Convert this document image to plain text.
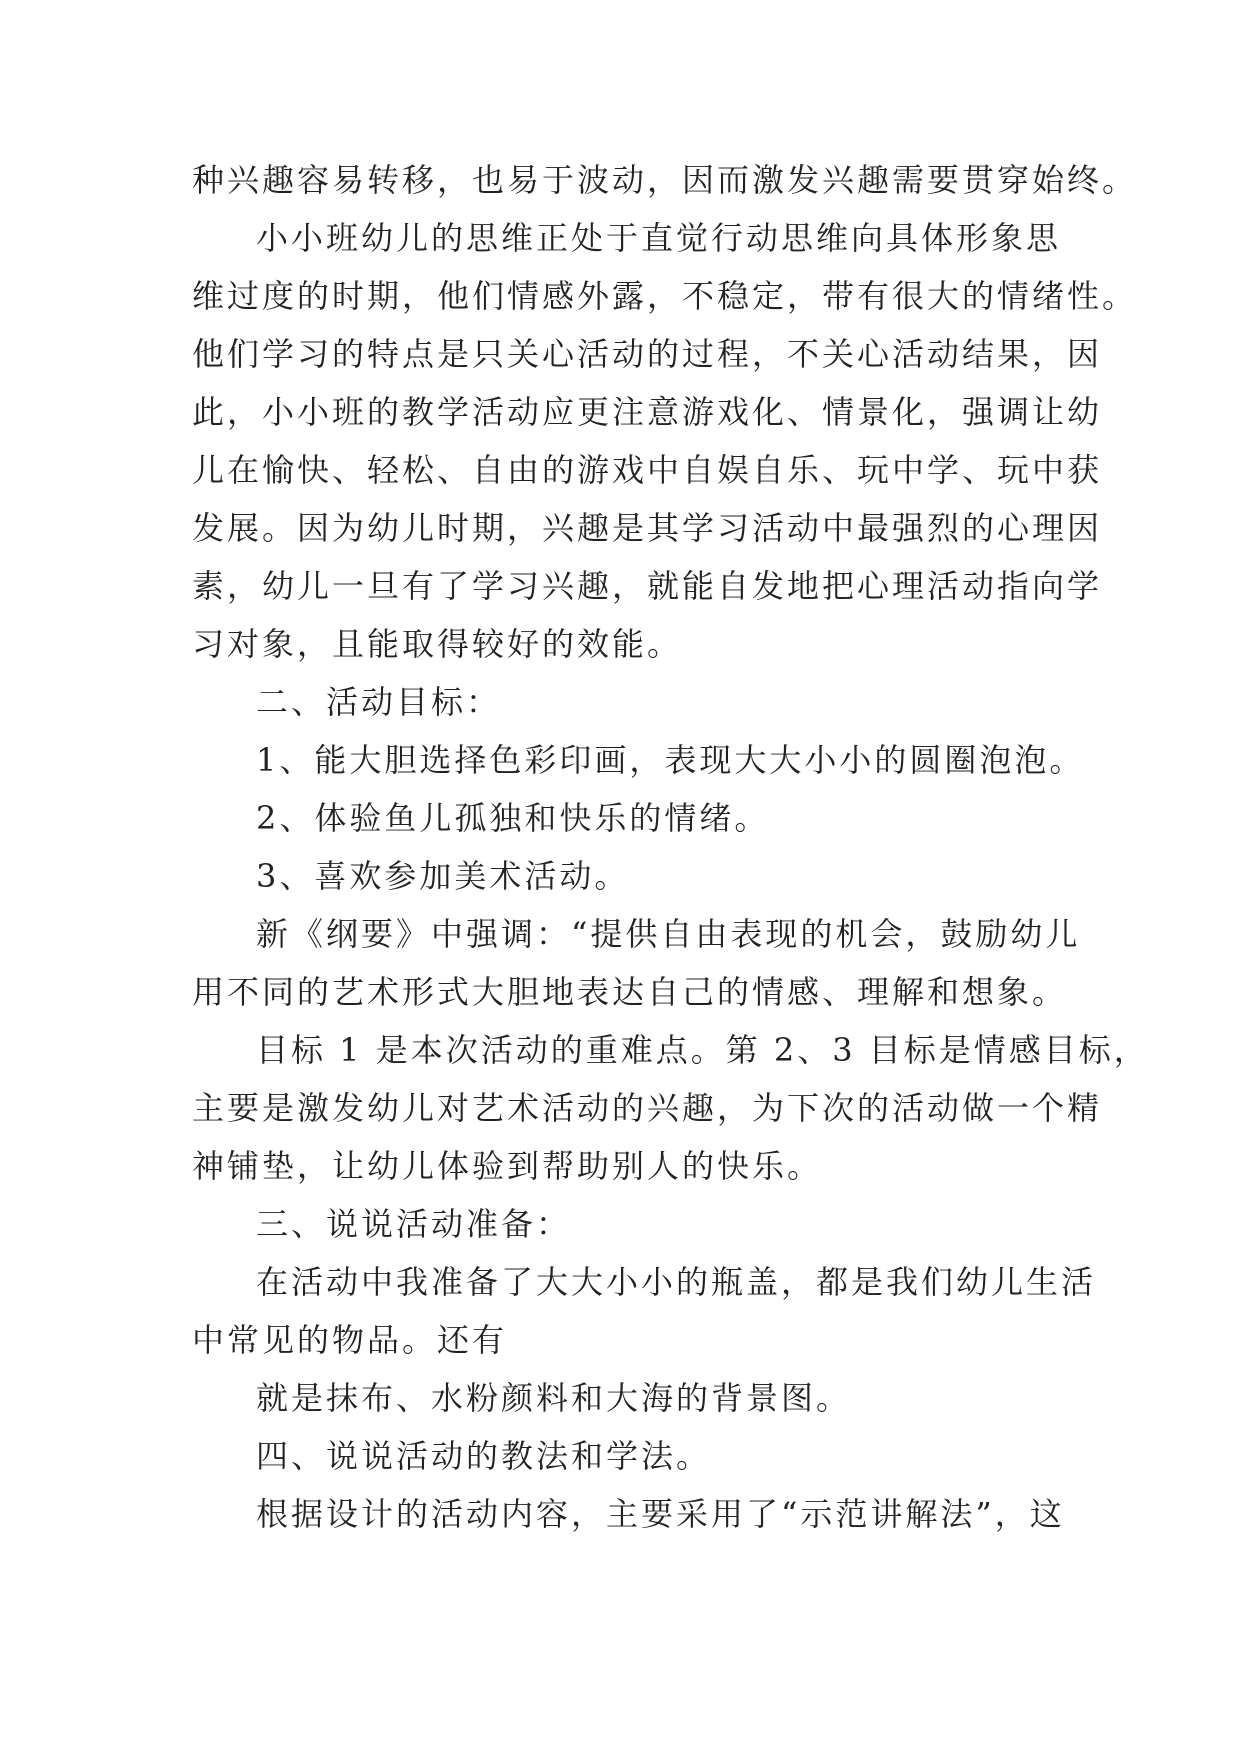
种兴趣容易转移，也易于波动，因而激发兴趣需要贯穿始终。
小小班幼儿的思维正处于直觉行动思维向具体形象思
维过度的时期，他们情感外露，不稳定，带有很大的情绪性。
他们学习的特点是只关心活动的过程，不关心活动结果，因
此，小小班的教学活动应更注意游戏化、情景化，强调让幼
儿在愉快、轻松、自由的游戏中自娱自乐、玩中学、玩中获
发展。因为幼儿时期，兴趣是其学习活动中最强烈的心理因
素，幼儿一旦有了学习兴趣，就能自发地把心理活动指向学
习对象，且能取得较好的效能。
二、活动目标：
1、能大胆选择色彩印画，表现大大小小的圆圈泡泡。
2、体验鱼儿孤独和快乐的情绪。
3、喜欢参加美术活动。
新《纲要》中强调：“提供自由表现的机会，鼓励幼儿
用不同的艺术形式大胆地表达自己的情感、理解和想象。
目标 1 是本次活动的重难点。第 2、3 目标是情感目标，
主要是激发幼儿对艺术活动的兴趣，为下次的活动做一个精
神铺垫，让幼儿体验到帮助别人的快乐。
三、说说活动准备：
在活动中我准备了大大小小的瓶盖，都是我们幼儿生活
中常见的物品。还有
就是抹布、水粉颜料和大海的背景图。
四、说说活动的教法和学法。
根据设计的活动内容，主要采用了“示范讲解法”，这
